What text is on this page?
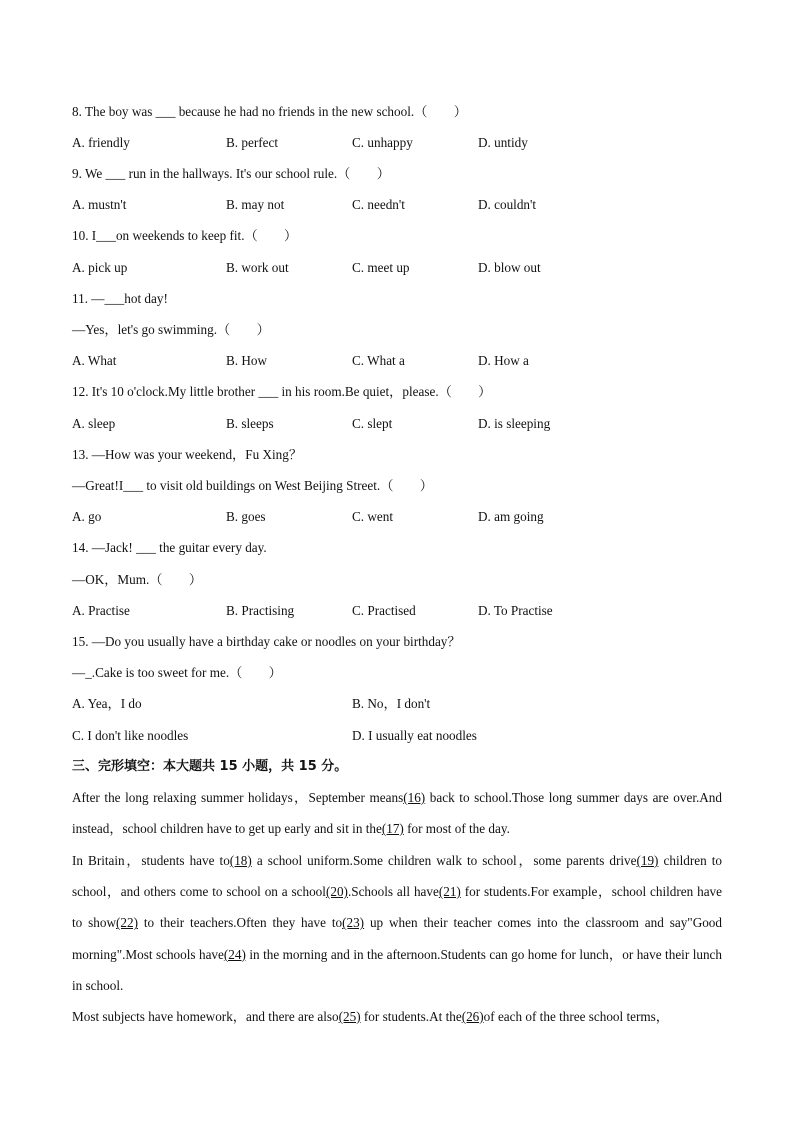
8. The boy was ___ because he had no friends in the new school.（　　）
A. friendly	B. perfect	C. unhappy	D. untidy
9. We ___ run in the hallways. It's our school rule.（　　）
A. mustn't	B. may not	C. needn't	D. couldn't
10. I___on weekends to keep fit.（　　）
A. pick up	B. work out	C. meet up	D. blow out
11. —___hot day!
—Yes，let's go swimming.（　　）
A. What	B. How	C. What a	D. How a
12. It's 10 o'clock.My little brother ___ in his room.Be quiet，please.（　　）
A. sleep	B. sleeps	C. slept	D. is sleeping
13. —How was your weekend，Fu Xing？
—Great!I___ to visit old buildings on West Beijing Street.（　　）
A. go	B. goes	C. went	D. am going
14. —Jack! ___ the guitar every day.
—OK，Mum.（　　）
A. Practise	B. Practising	C. Practised	D. To Practise
15. —Do you usually have a birthday cake or noodles on your birthday？
—_.Cake is too sweet for me.（　　）
A. Yea，I do	B. No，I don't
C. I don't like noodles	D. I usually eat noodles
三、完形填空：本大题共 15 小题，共 15 分。
After the long relaxing summer holidays，September means(16) back to school.Those long summer days are over.And instead，school children have to get up early and sit in the(17) for most of the day.
In Britain，students have to(18) a school uniform.Some children walk to school，some parents drive(19) children to school，and others come to school on a school(20).Schools all have(21) for students.For example，school children have to show(22) to their teachers.Often they have to(23) up when their teacher comes into the classroom and say"Good morning".Most schools have(24) in the morning and in the afternoon.Students can go home for lunch，or have their lunch in school.
Most subjects have homework，and there are also(25) for students.At the(26)of each of the three school terms，
